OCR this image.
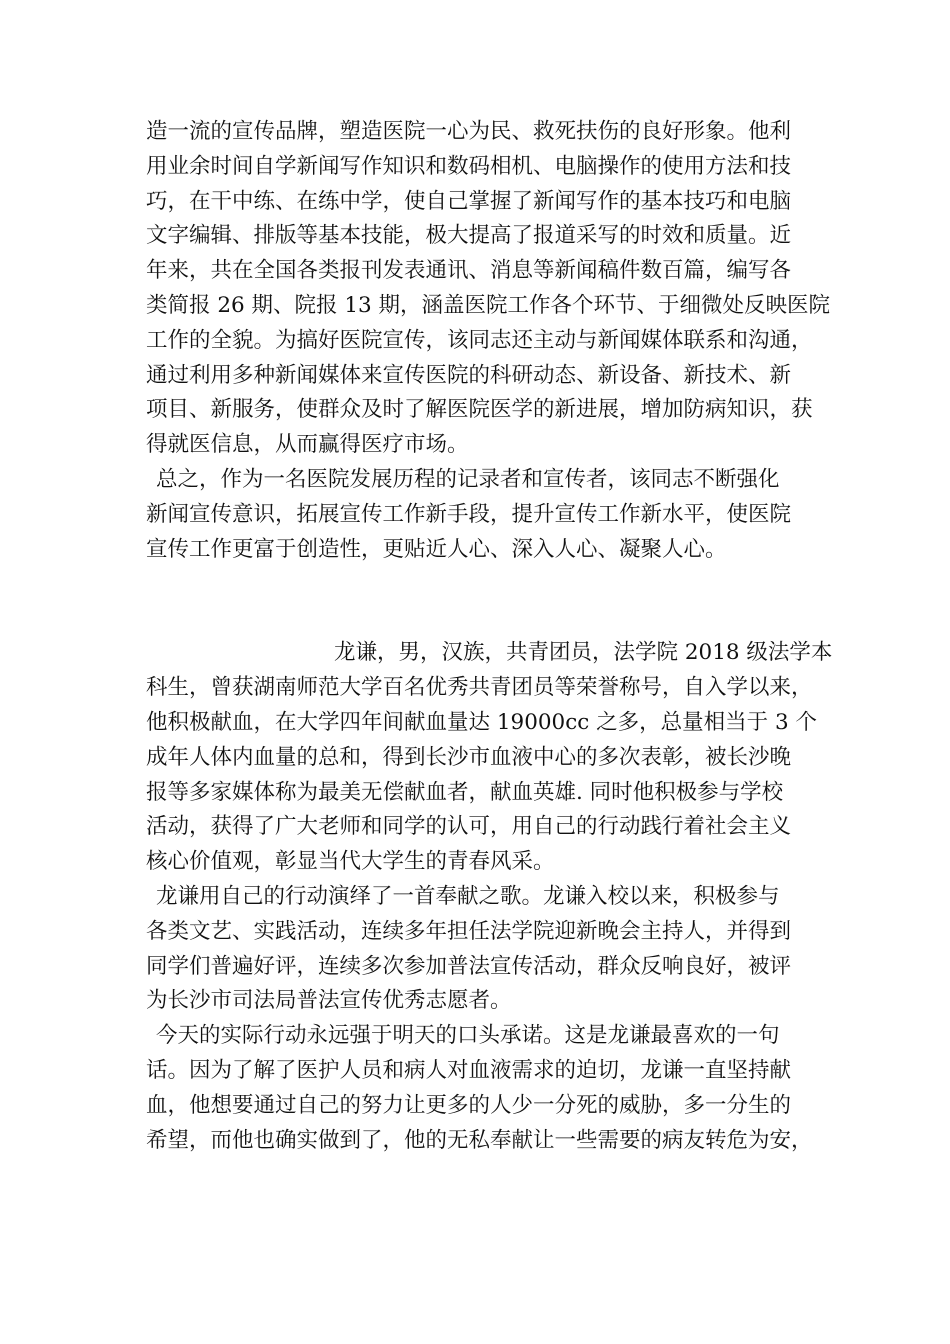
造一流的宣传品牌，塑造医院一心为民、救死扶伤的良好形象。他利
用业余时间自学新闻写作知识和数码相机、电脑操作的使用方法和技
巧，在干中练、在练中学，使自己掌握了新闻写作的基本技巧和电脑
文字编辑、排版等基本技能，极大提高了报道采写的时效和质量。近
年来，共在全国各类报刊发表通讯、消息等新闻稿件数百篇，编写各
类简报 26 期、院报 13 期，涵盖医院工作各个环节、于细微处反映医院
工作的全貌。为搞好医院宣传，该同志还主动与新闻媒体联系和沟通，
通过利用多种新闻媒体来宣传医院的科研动态、新设备、新技术、新
项目、新服务，使群众及时了解医院医学的新进展，增加防病知识，获
得就医信息，从而赢得医疗市场。
总之，作为一名医院发展历程的记录者和宣传者，该同志不断强化
新闻宣传意识，拓展宣传工作新手段，提升宣传工作新水平，使医院
宣传工作更富于创造性，更贴近人心、深入人心、凝聚人心。
龙谦，男，汉族，共青团员，法学院 2018 级法学本
科生，曾获湖南师范大学百名优秀共青团员等荣誉称号，自入学以来，
他积极献血，在大学四年间献血量达 19000cc 之多，总量相当于 3 个
成年人体内血量的总和，得到长沙市血液中心的多次表彰，被长沙晚
报等多家媒体称为最美无偿献血者，献血英雄. 同时他积极参与学校
活动，获得了广大老师和同学的认可，用自己的行动践行着社会主义
核心价值观，彰显当代大学生的青春风采。
龙谦用自己的行动演绎了一首奉献之歌。龙谦入校以来，积极参与
各类文艺、实践活动，连续多年担任法学院迎新晚会主持人，并得到
同学们普遍好评，连续多次参加普法宣传活动，群众反响良好，被评
为长沙市司法局普法宣传优秀志愿者。
今天的实际行动永远强于明天的口头承诺。这是龙谦最喜欢的一句
话。因为了解了医护人员和病人对血液需求的迫切，龙谦一直坚持献
血，他想要通过自己的努力让更多的人少一分死的威胁，多一分生的
希望，而他也确实做到了，他的无私奉献让一些需要的病友转危为安，
